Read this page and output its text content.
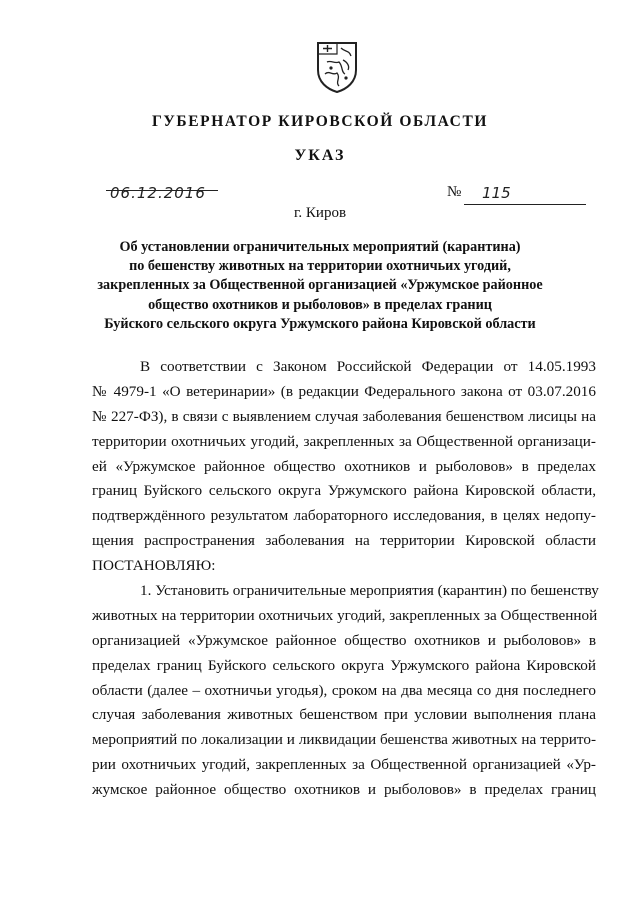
ГУБЕРНАТОР КИРОВСКОЙ ОБЛАСТИ
УКАЗ
06.12.2016	№ 115
г. Киров
Об установлении ограничительных мероприятий (карантина)
по бешенству животных на территории охотничьих угодий,
закрепленных за Общественной организацией «Уржумское районное
общество охотников и рыболовов» в пределах границ
Буйского сельского округа Уржумского района Кировской области
В соответствии с Законом Российской Федерации от 14.05.1993
№ 4979-1 «О ветеринарии» (в редакции Федерального закона от 03.07.2016
№ 227-ФЗ), в связи с выявлением случая заболевания бешенством лисицы на
территории охотничьих угодий, закрепленных за Общественной организаци-
ей «Уржумское районное общество охотников и рыболовов» в пределах
границ Буйского сельского округа Уржумского района Кировской области,
подтверждённого результатом лабораторного исследования, в целях недопу-
щения распространения заболевания на территории Кировской области
ПОСТАНОВЛЯЮ:
1. Установить ограничительные мероприятия (карантин) по бешенству
животных на территории охотничьих угодий, закрепленных за Общественной
организацией «Уржумское районное общество охотников и рыболовов» в
пределах границ Буйского сельского округа Уржумского района Кировской
области (далее – охотничьи угодья), сроком на два месяца со дня последнего
случая заболевания животных бешенством при условии выполнения плана
мероприятий по локализации и ликвидации бешенства животных на террито-
рии охотничьих угодий, закрепленных за Общественной организацией «Ур-
жумское районное общество охотников и рыболовов» в пределах границ
